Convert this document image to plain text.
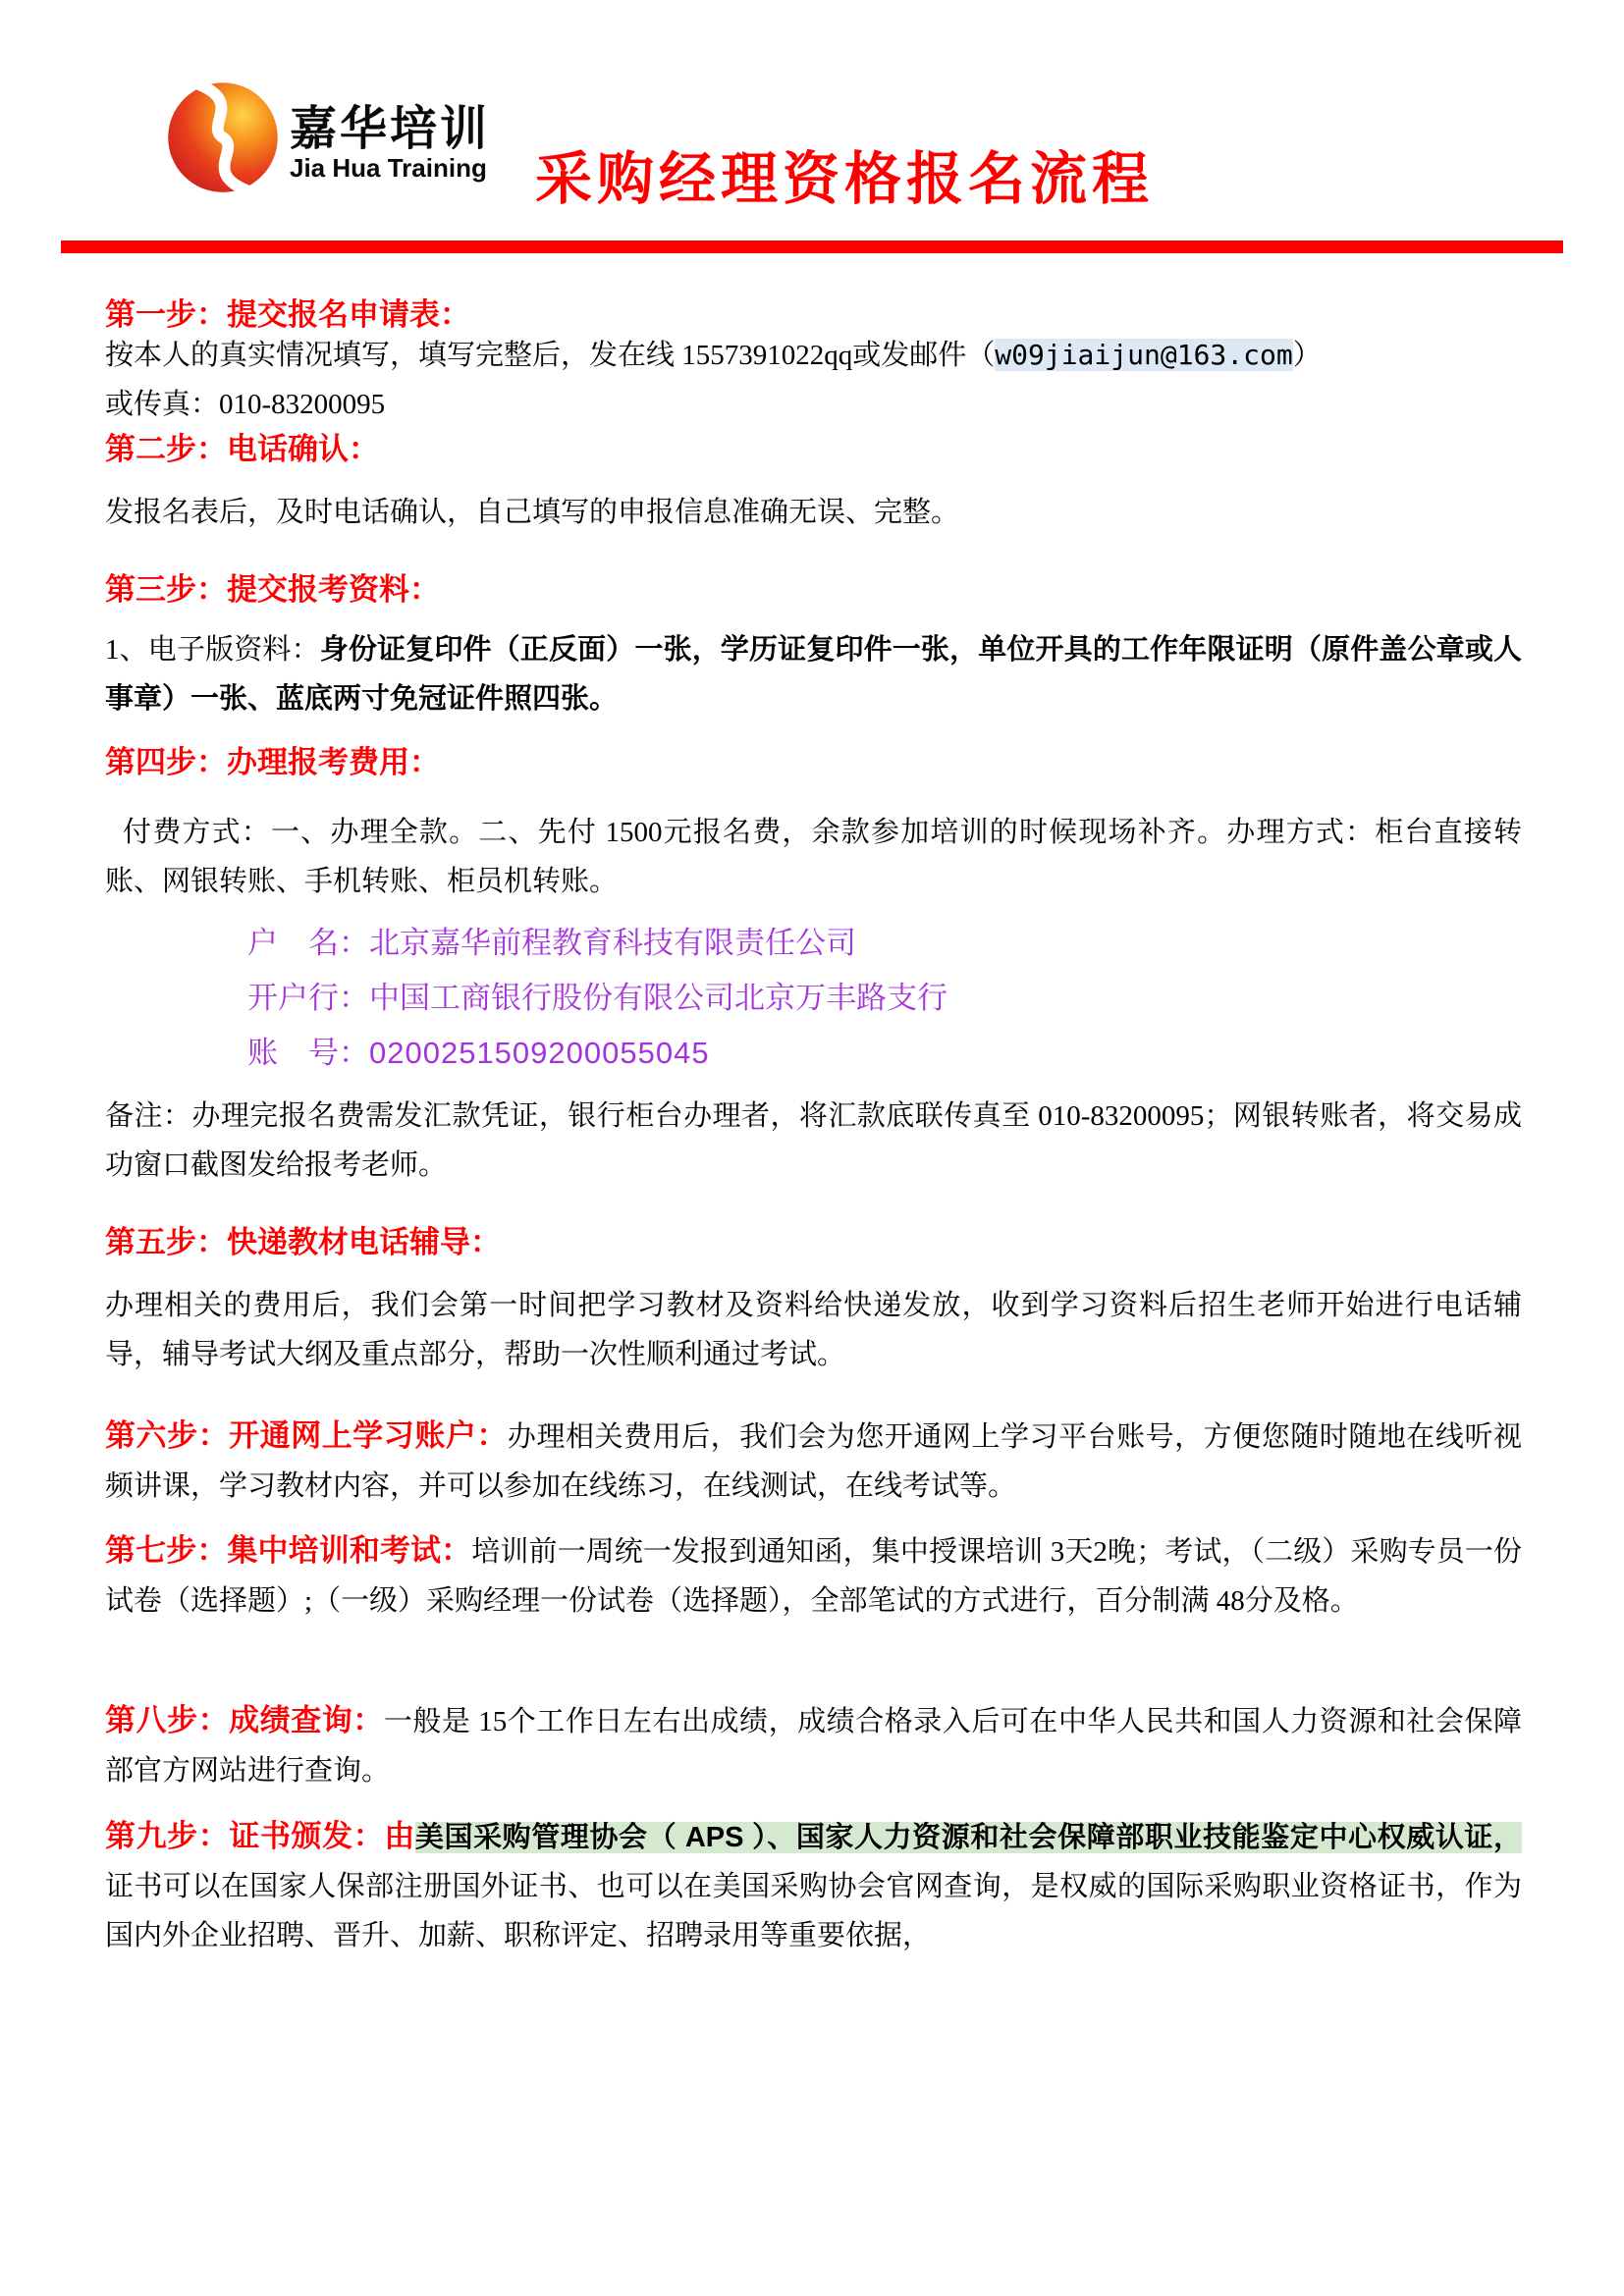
嘉华培训
Jia Hua Training 采购经理资格报名流程
第一步：提交报名申请表：

按本人的真实情况填写，填写完整后，发在线 1557391022qq或发邮件（w09jiaijun@163.com）
或传真：010-83200095

第二步：电话确认：

发报名表后，及时电话确认，自己填写的申报信息准确无误、完整。

第三步：提交报考资料：

1、电子版资料：身份证复印件（正反面）一张，学历证复印件一张，单位开具的工作年限证明（原件盖公章或人事章）一张、蓝底两寸免冠证件照四张。

第四步：办理报考费用：

付费方式：一、办理全款。二、先付 1500元报名费，余款参加培训的时候现场补齐。办理方式：柜台直接转账、网银转账、手机转账、柜员机转账。

户　名：北京嘉华前程教育科技有限责任公司
开户行：中国工商银行股份有限公司北京万丰路支行
账　号：0200251509200055045

备注：办理完报名费需发汇款凭证，银行柜台办理者，将汇款底联传真至 010-83200095；网银转账者，将交易成功窗口截图发给报考老师。

第五步：快递教材电话辅导：

办理相关的费用后，我们会第一时间把学习教材及资料给快递发放，收到学习资料后招生老师开始进行电话辅导，辅导考试大纲及重点部分，帮助一次性顺利通过考试。

第六步：开通网上学习账户：办理相关费用后，我们会为您开通网上学习平台账号，方便您随时随地在线听视频讲课，学习教材内容，并可以参加在线练习，在线测试，在线考试等。

第七步：集中培训和考试：培训前一周统一发报到通知函，集中授课培训 3天2晚；考试，（二级）采购专员一份试卷（选择题）;（一级）采购经理一份试卷（选择题），全部笔试的方式进行，百分制满 48分及格。

第八步：成绩查询：一般是 15个工作日左右出成绩，成绩合格录入后可在中华人民共和国人力资源和社会保障部官方网站进行查询。

第九步：证书颁发：由美国采购管理协会（ APS ）、国家人力资源和社会保障部职业技能鉴定中心权威认证，证书可以在国家人保部注册国外证书、也可以在美国采购协会官网查询，是权威的国际采购职业资格证书，作为国内外企业招聘、晋升、加薪、职称评定、招聘录用等重要依据，
